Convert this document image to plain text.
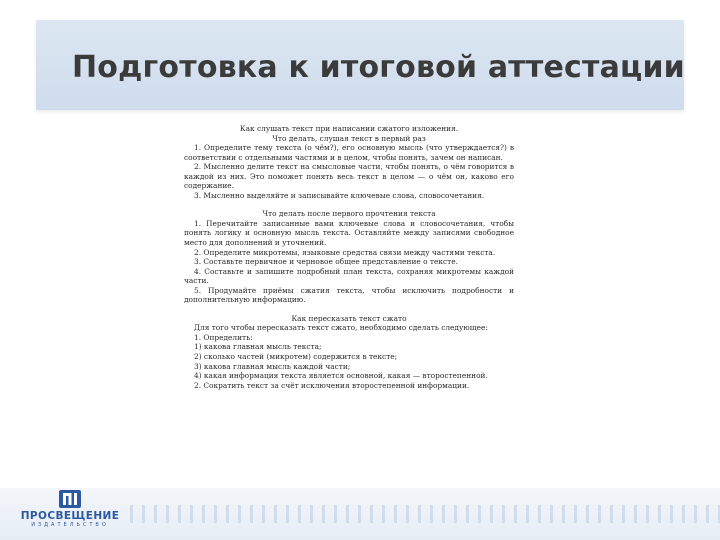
Подготовка к итоговой аттестации
Как слушать текст при написании сжатого изложения.
Что делать, слушая текст в первый раз
1. Определите тему текста (о чём?), его основную мысль (что утверждается?) в соответствии с отдельными частями и в целом, чтобы понять, зачем он написан.
2. Мысленно делите текст на смысловые части, чтобы понять, о чём говорится в каждой из них. Это поможет понять весь текст в целом — о чём он, каково его содержание.
3. Мысленно выделяйте и записывайте ключевые слова, словосочетания.
Что делать после первого прочтения текста
1. Перечитайте записанные вами ключевые слова и словосочетания, чтобы понять логику и основную мысль текста. Оставляйте между записями свободное место для дополнений и уточнений.
2. Определите микротемы, языковые средства связи между частями текста.
3. Составьте первичное и черновое общее представление о тексте.
4. Составьте и запишите подробный план текста, сохраняя микротемы каждой части.
5. Продумайте приёмы сжатия текста, чтобы исключить подробности и дополнительную информацию.
Как пересказать текст сжато
Для того чтобы пересказать текст сжато, необходимо сделать следующее:
1. Определить:
1) какова главная мысль текста;
2) сколько частей (микротем) содержится в тексте;
3) какова главная мысль каждой части;
4) какая информация текста является основной, какая — второстепенной.
2. Сократить текст за счёт исключения второстепенной информации.
ПРОСВЕЩЕНИЕ
ИЗДАТЕЛЬСТВО
